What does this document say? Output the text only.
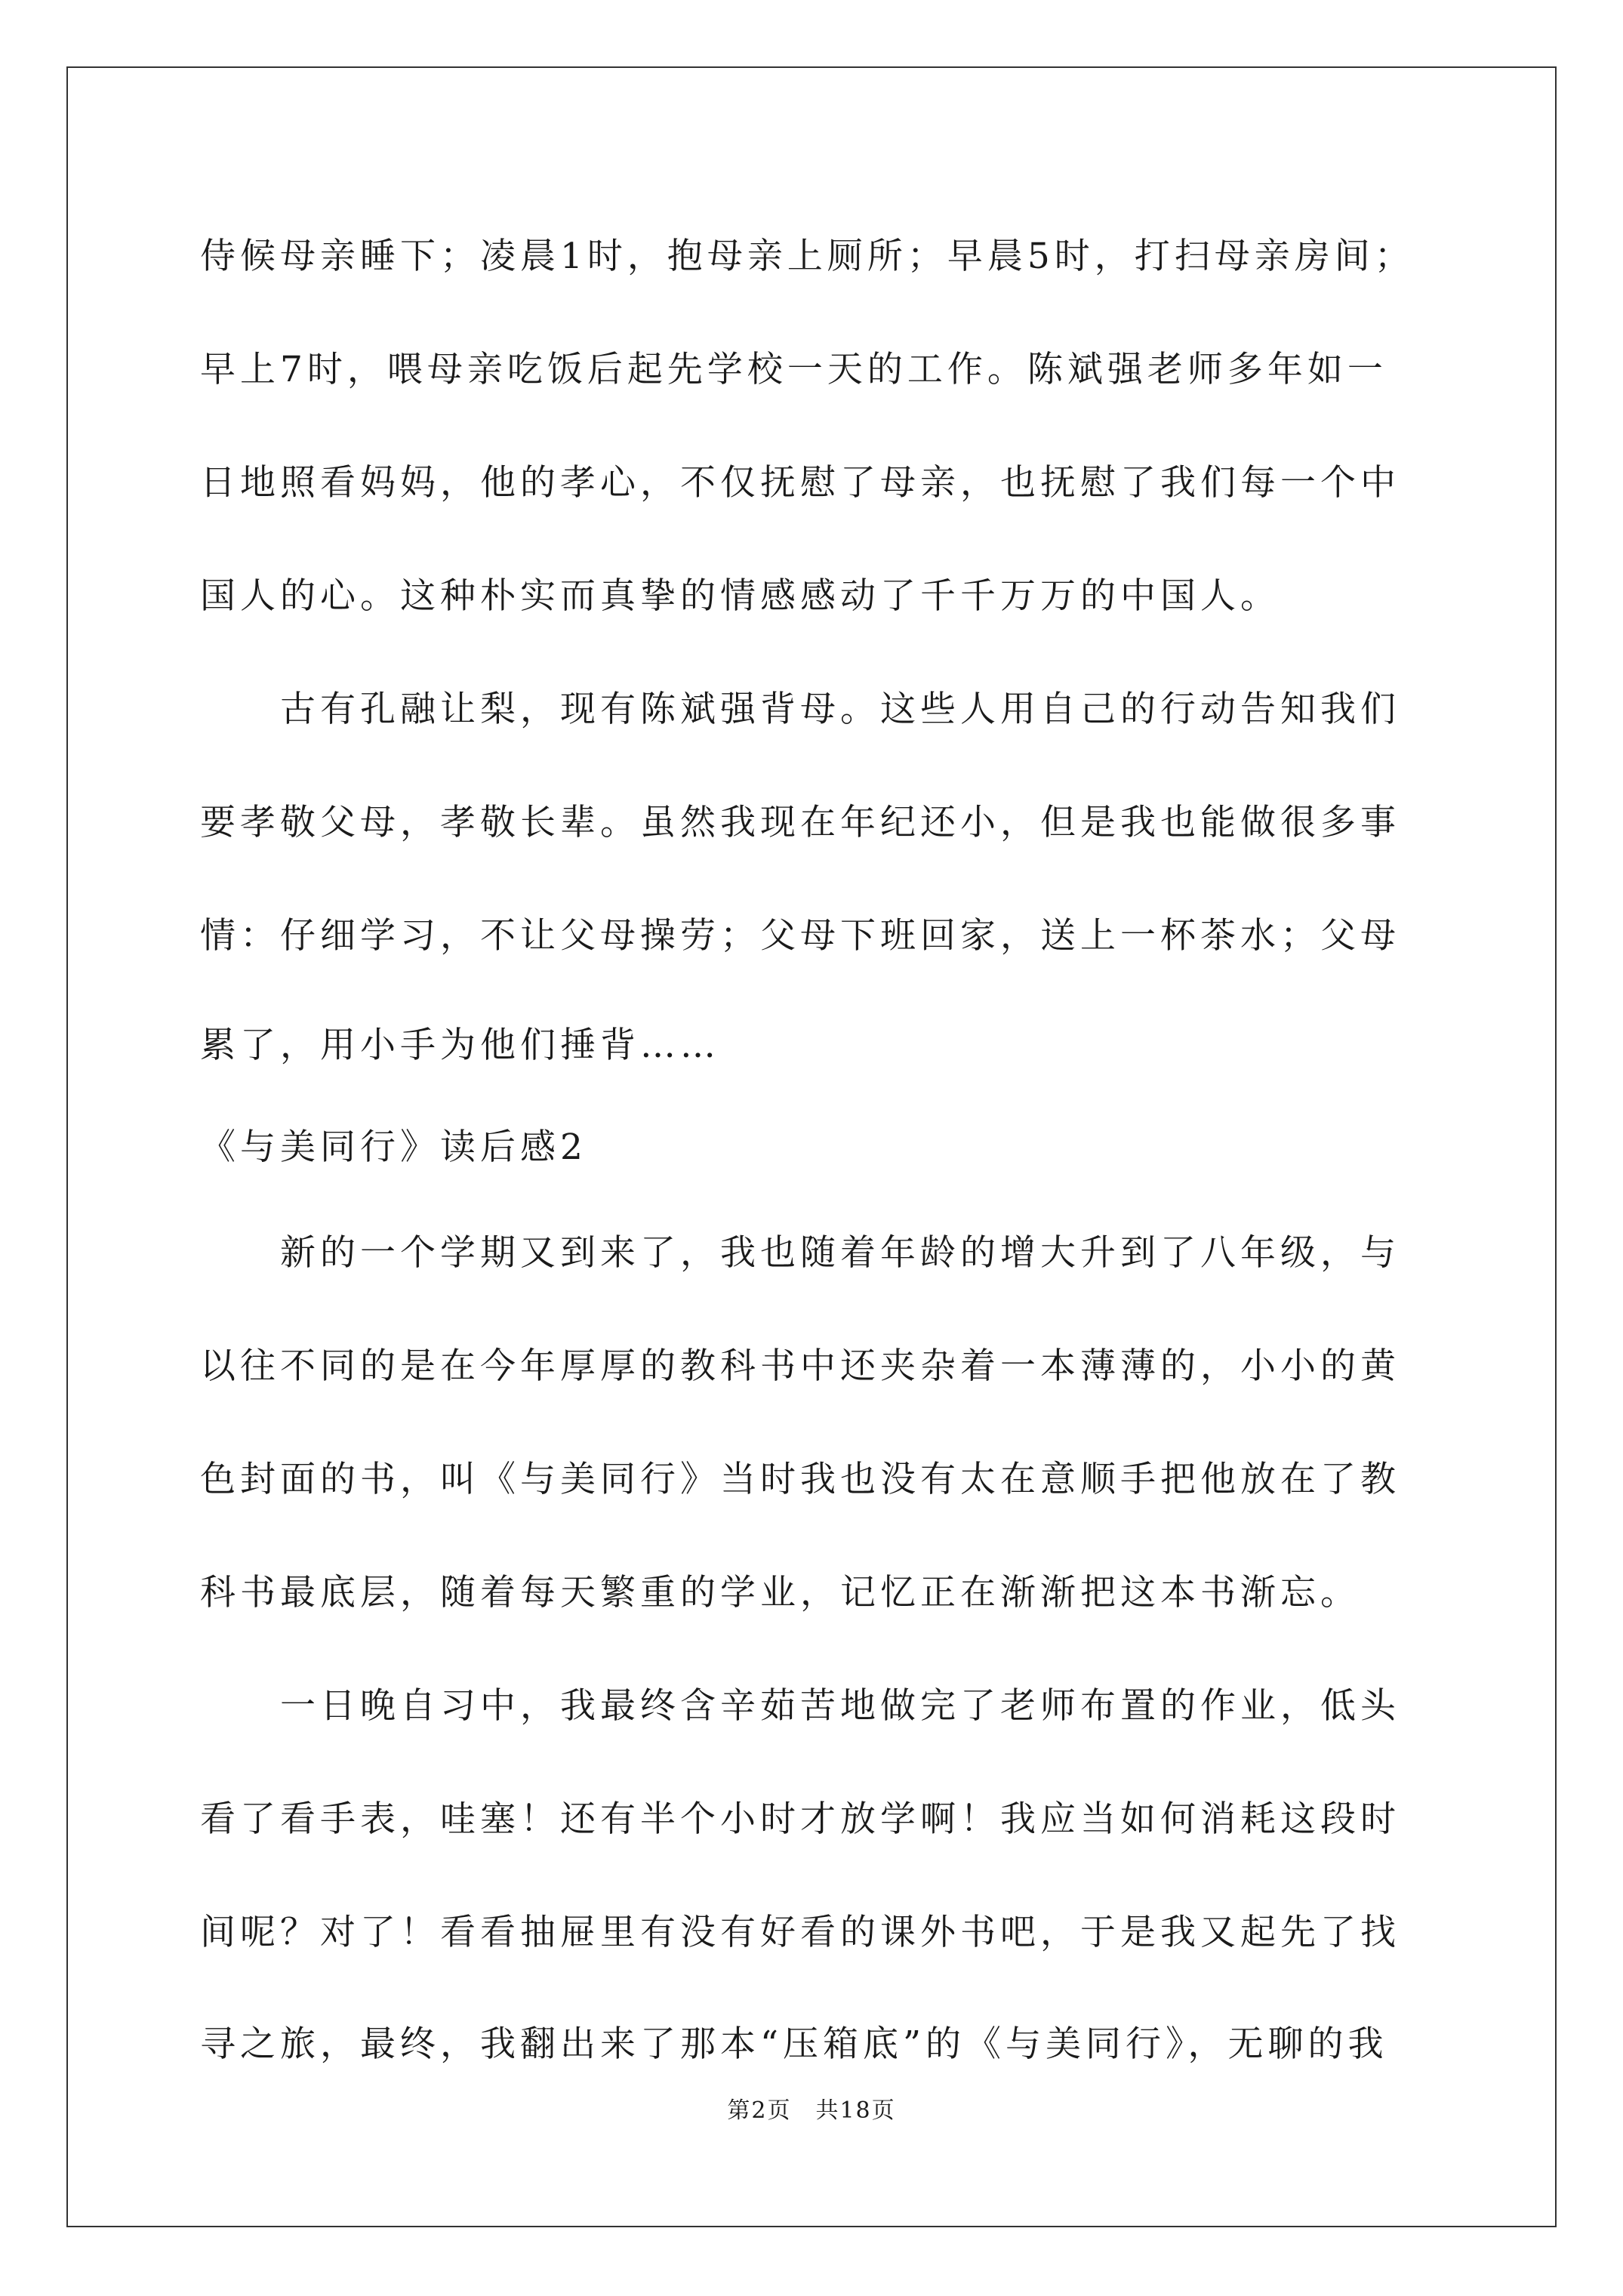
侍候母亲睡下；凌晨1时，抱母亲上厕所；早晨5时，打扫母亲房间；
早上7时，喂母亲吃饭后起先学校一天的工作。陈斌强老师多年如一
日地照看妈妈，他的孝心，不仅抚慰了母亲，也抚慰了我们每一个中
国人的心。这种朴实而真挚的情感感动了千千万万的中国人。
　　古有孔融让梨，现有陈斌强背母。这些人用自己的行动告知我们
要孝敬父母，孝敬长辈。虽然我现在年纪还小，但是我也能做很多事
情：仔细学习，不让父母操劳；父母下班回家，送上一杯茶水；父母
累了，用小手为他们捶背……
《与美同行》读后感2
　　新的一个学期又到来了，我也随着年龄的增大升到了八年级，与
以往不同的是在今年厚厚的教科书中还夹杂着一本薄薄的，小小的黄
色封面的书，叫《与美同行》当时我也没有太在意顺手把他放在了教
科书最底层，随着每天繁重的学业，记忆正在渐渐把这本书渐忘。
　　一日晚自习中，我最终含辛茹苦地做完了老师布置的作业，低头
看了看手表，哇塞！还有半个小时才放学啊！我应当如何消耗这段时
间呢？对了！看看抽屉里有没有好看的课外书吧，于是我又起先了找
寻之旅，最终，我翻出来了那本“压箱底”的《与美同行》，无聊的我
第2页　共18页
